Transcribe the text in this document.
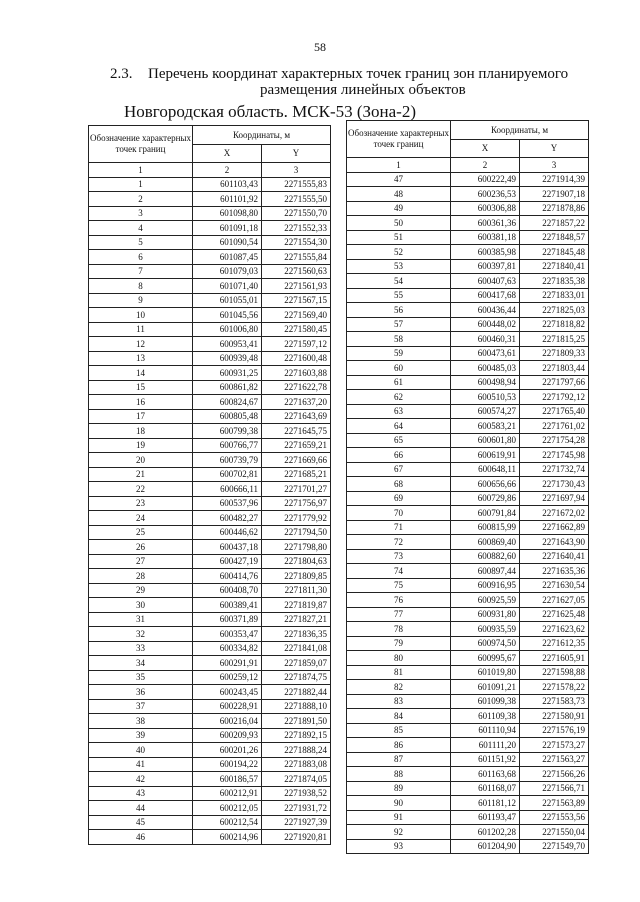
58
2.3. Перечень координат характерных точек границ зон планируемого
размещения линейных объектов
Новгородская область. МСК-53 (Зона-2)
Обозначение характерных точек границ	Координаты, м	
	X	Y
1	2	3
1	601103,43	2271555,83
2	601101,92	2271555,50
3	601098,80	2271550,70
4	601091,18	2271552,33
5	601090,54	2271554,30
6	601087,45	2271555,84
7	601079,03	2271560,63
8	601071,40	2271561,93
9	601055,01	2271567,15
10	601045,56	2271569,40
11	601006,80	2271580,45
12	600953,41	2271597,12
13	600939,48	2271600,48
14	600931,25	2271603,88
15	600861,82	2271622,78
16	600824,67	2271637,20
17	600805,48	2271643,69
18	600799,38	2271645,75
19	600766,77	2271659,21
20	600739,79	2271669,66
21	600702,81	2271685,21
22	600666,11	2271701,27
23	600537,96	2271756,97
24	600482,27	2271779,92
25	600446,62	2271794,50
26	600437,18	2271798,80
27	600427,19	2271804,63
28	600414,76	2271809,85
29	600408,70	2271811,30
30	600389,41	2271819,87
31	600371,89	2271827,21
32	600353,47	2271836,35
33	600334,82	2271841,08
34	600291,91	2271859,07
35	600259,12	2271874,75
36	600243,45	2271882,44
37	600228,91	2271888,10
38	600216,04	2271891,50
39	600209,93	2271892,15
40	600201,26	2271888,24
41	600194,22	2271883,08
42	600186,57	2271874,05
43	600212,91	2271938,52
44	600212,05	2271931,72
45	600212,54	2271927,39
46	600214,96	2271920,81
Обозначение характерных точек границ	Координаты, м	
	X	Y
1	2	3
47	600222,49	2271914,39
48	600236,53	2271907,18
49	600306,88	2271878,86
50	600361,36	2271857,22
51	600381,18	2271848,57
52	600385,98	2271845,48
53	600397,81	2271840,41
54	600407,63	2271835,38
55	600417,68	2271833,01
56	600436,44	2271825,03
57	600448,02	2271818,82
58	600460,31	2271815,25
59	600473,61	2271809,33
60	600485,03	2271803,44
61	600498,94	2271797,66
62	600510,53	2271792,12
63	600574,27	2271765,40
64	600583,21	2271761,02
65	600601,80	2271754,28
66	600619,91	2271745,98
67	600648,11	2271732,74
68	600656,66	2271730,43
69	600729,86	2271697,94
70	600791,84	2271672,02
71	600815,99	2271662,89
72	600869,40	2271643,90
73	600882,60	2271640,41
74	600897,44	2271635,36
75	600916,95	2271630,54
76	600925,59	2271627,05
77	600931,80	2271625,48
78	600935,59	2271623,62
79	600974,50	2271612,35
80	600995,67	2271605,91
81	601019,80	2271598,88
82	601091,21	2271578,22
83	601099,38	2271583,73
84	601109,38	2271580,91
85	601110,94	2271576,19
86	601111,20	2271573,27
87	601151,92	2271563,27
88	601163,68	2271566,26
89	601168,07	2271566,71
90	601181,12	2271563,89
91	601193,47	2271553,56
92	601202,28	2271550,04
93	601204,90	2271549,70
